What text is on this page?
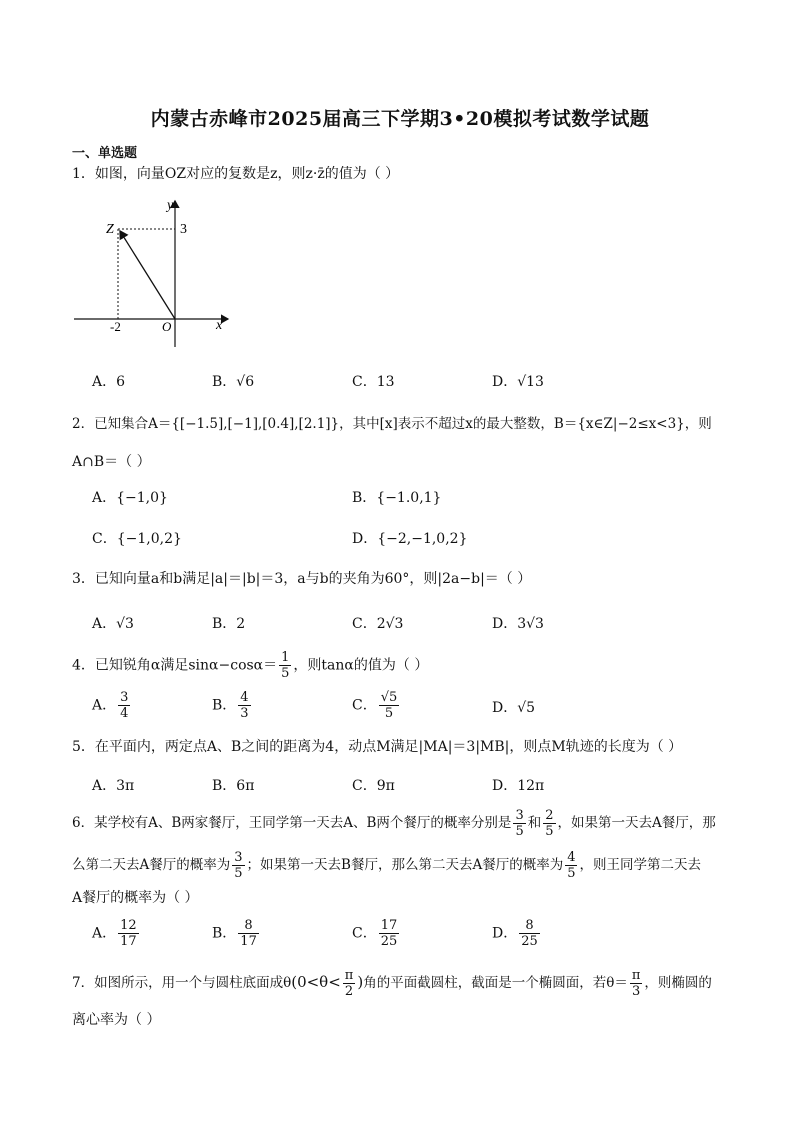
内蒙古赤峰市2025届高三下学期3•20模拟考试数学试题
一、单选题
1．如图，向量OZ对应的复数是z，则z·z̄的值为（ ）
y
x
Z	3
-2	O
A．6	B．√6	C．13	D．√13
2．已知集合A＝{[−1.5],[−1],[0.4],[2.1]}，其中[x]表示不超过x的最大整数，B＝{x∈Z|−2≤x<3}，则
A∩B＝（ ）
A．{−1,0}	B．{−1.0,1}
C．{−1,0,2}	D．{−2,−1,0,2}
3．已知向量a和b满足|a|＝|b|＝3，a与b的夹角为60°，则|2a−b|＝（ ）
A．√3	B．2	C．2√3	D．3√3
4．已知锐角α满足$\sin\alpha-\cos\alpha= \frac{1}{5}$ ，则tanα的值为（ ）
A． $\frac{3}{4}$	B． $\frac{4}{3}$	C． $\frac{√5}{5}$	D．√5
5．在平面内，两定点A、B之间的距离为4，动点M满足|MA|＝3|MB|，则点M轨迹的长度为（ ）
A．3π	B．6π	C．9π	D．12π
6．某学校有A、B两家餐厅，王同学第一天去A、B两个餐厅的概率分别是 $\frac{3}{5}$ 和 $\frac{2}{5}$ ，如果第一天去A餐厅，那
么第二天去A餐厅的概率为 $\frac{3}{5}$ ；如果第一天去B餐厅，那么第二天去A餐厅的概率为 $\frac{4}{5}$ ，则王同学第二天去
A餐厅的概率为（ ）
A． $\frac{12}{17}$	B． $\frac{8}{17}$	C． $\frac{17}{25}$	D． $\frac{8}{25}$
7．如图所示，用一个与圆柱底面成$\theta(0<\theta< \frac{\pi}{2}$ )角的平面截圆柱，截面是一个椭圆面，若$\theta= \frac{\pi}{3}$ ，则椭圆的
离心率为（ ）
